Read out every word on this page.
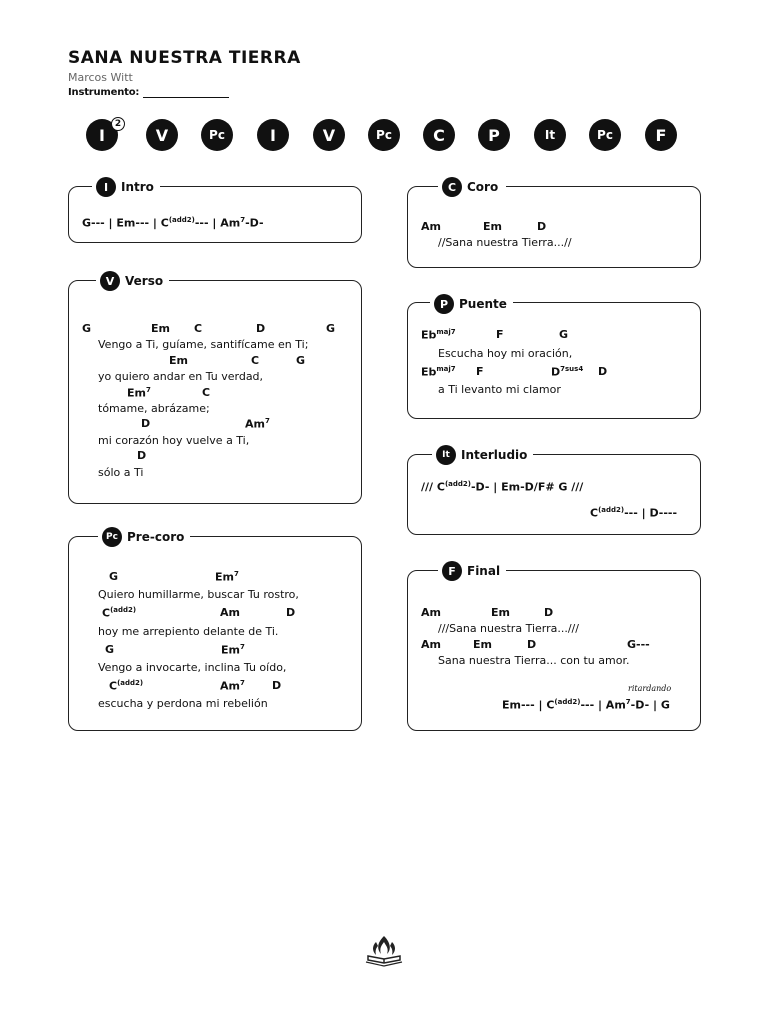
SANA NUESTRA TIERRA
Marcos Witt
Instrumento:
I
2
V	Pc	I	V	Pc	C	P	It	Pc	F
I	Intro
G--- | Em--- | $C^{(add2)}---$ | Am$^7$-D-
V Verso
G	Em C	D	G
Vengo a Ti, guíame, santifícame en Ti;
Em	C	G
yo quiero andar en Tu verdad,
Em$^7$	C
tómame, abrázame;
D	Am$^7$
mi corazón hoy vuelve a Ti,
D
sólo a Ti
Pc Pre-coro
G	Em$^7$
Quiero humillarme, buscar Tu rostro,
$C^{(add2)}$	Am	D
hoy me arrepiento delante de Ti.
G	Em$^7$
Vengo a invocarte, inclina Tu oído,
$C^{(add2)}$	Am$^7$ D
escucha y perdona mi rebelión
C Coro
Am	Em	D
//Sana nuestra Tierra...//
P Puente
$Eb^{maj7}$	F	G
Escucha hoy mi oración,
$Eb^{maj7}$ F	$D^{7sus4}$ D
a Ti levanto mi clamor
It Interludio
/// $C^{(add2)}-D-$ | Em-D/F# G ///
$C^{(add2)}---$ | D----
F Final
Am	Em	D
///Sana nuestra Tierra...///
Am	Em	D	G---
Sana nuestra Tierra... con tu amor.
ritardando
Em--- | $C^{(add2)}---$ | Am$^7$-D- | G
